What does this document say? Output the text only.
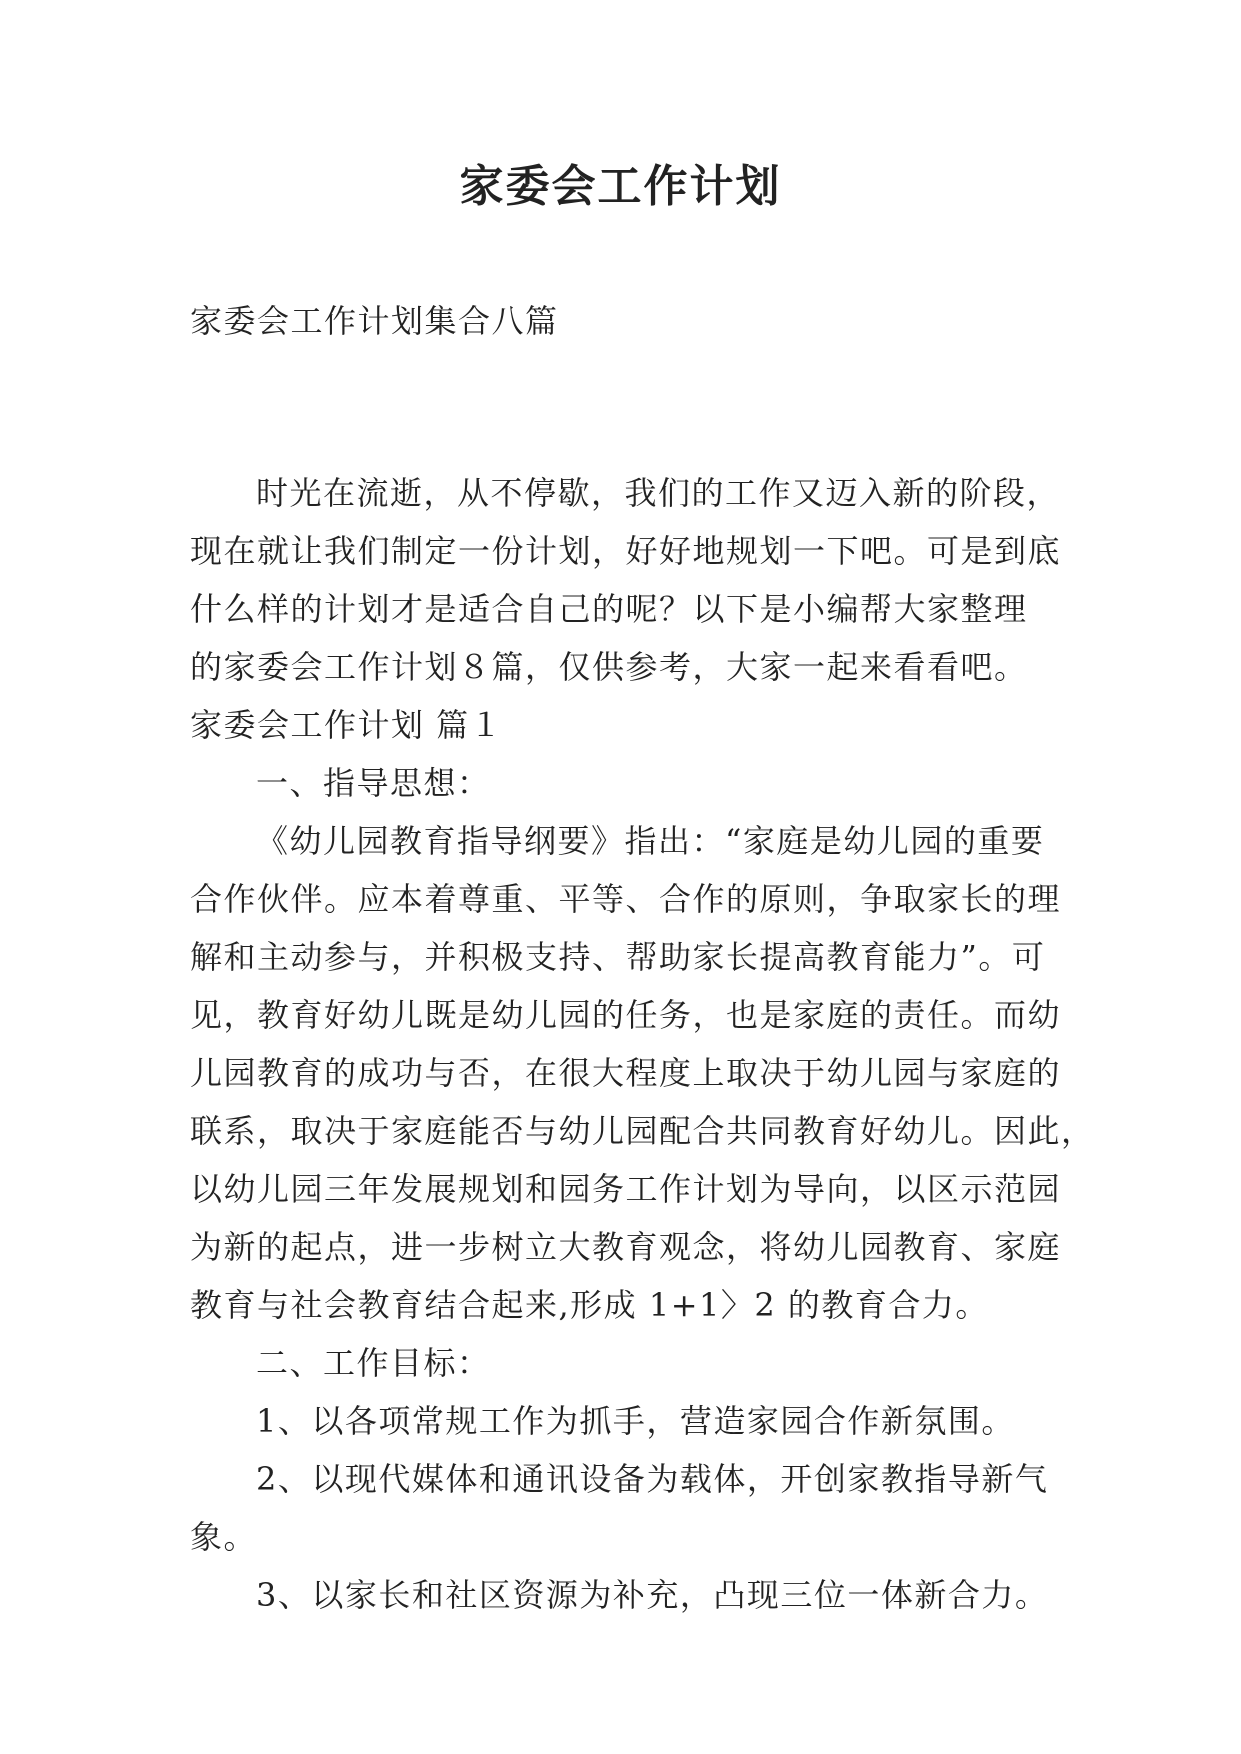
家委会工作计划

家委会工作计划集合八篇

时光在流逝，从不停歇，我们的工作又迈入新的阶段，

现在就让我们制定一份计划，好好地规划一下吧。可是到底

什么样的计划才是适合自己的呢？以下是小编帮大家整理

的家委会工作计划８篇，仅供参考，大家一起来看看吧。

家委会工作计划 篇１

一、指导思想：

《幼儿园教育指导纲要》指出：“家庭是幼儿园的重要

合作伙伴。应本着尊重、平等、合作的原则，争取家长的理

解和主动参与，并积极支持、帮助家长提高教育能力”。可

见，教育好幼儿既是幼儿园的任务，也是家庭的责任。而幼

儿园教育的成功与否，在很大程度上取决于幼儿园与家庭的

联系，取决于家庭能否与幼儿园配合共同教育好幼儿。因此，

以幼儿园三年发展规划和园务工作计划为导向，以区示范园

为新的起点，进一步树立大教育观念，将幼儿园教育、家庭

教育与社会教育结合起来,形成 1+1〉2 的教育合力。

二、工作目标：

1、以各项常规工作为抓手，营造家园合作新氛围。

2、以现代媒体和通讯设备为载体，开创家教指导新气

象。

3、以家长和社区资源为补充，凸现三位一体新合力。
